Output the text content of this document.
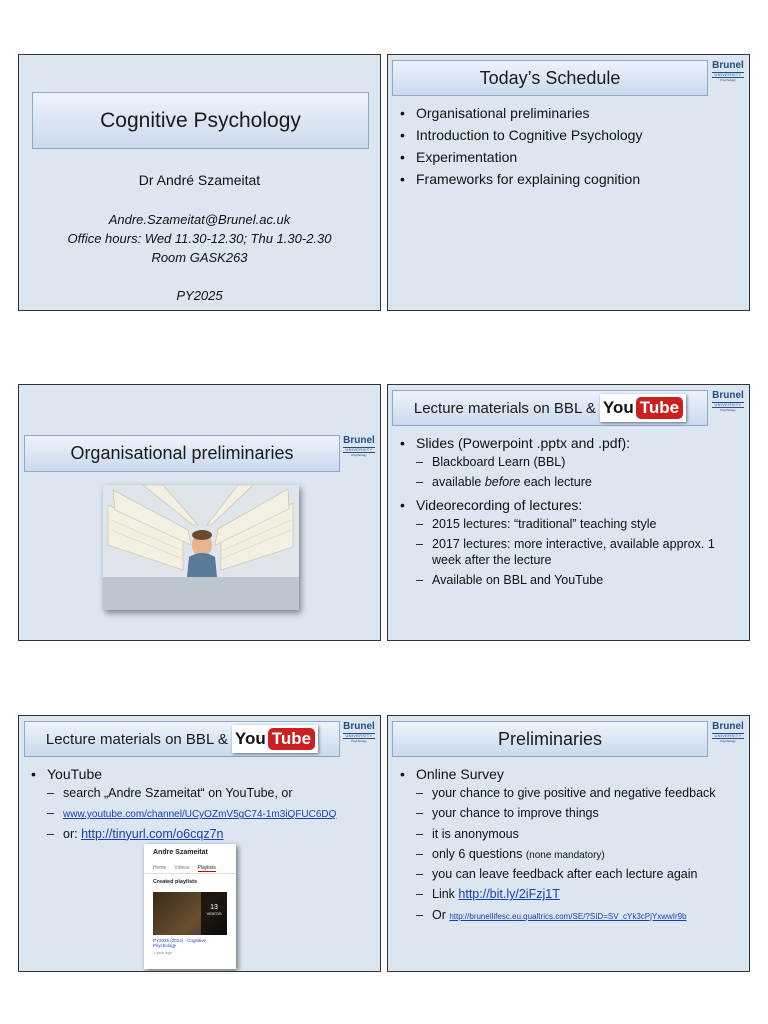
Cognitive Psychology
Dr André Szameitat
Andre.Szameitat@Brunel.ac.uk
Office hours: Wed 11.30-12.30; Thu 1.30-2.30
Room GASK263
PY2025
Today’s Schedule
Brunel
UNIVERSITY
Psychology
• Organisational preliminaries
• Introduction to Cognitive Psychology
• Experimentation
• Frameworks for explaining cognition
Organisational preliminaries
Brunel
UNIVERSITY
Psychology
Lecture materials on BBL & You Tube
Brunel
UNIVERSITY
Psychology
• Slides (Powerpoint .pptx and .pdf):
– Blackboard Learn (BBL)
– available before each lecture
• Videorecording of lectures:
– 2015 lectures: “traditional” teaching style
– 2017 lectures: more interactive, available approx. 1 week after the lecture
– Available on BBL and YouTube
Lecture materials on BBL & You Tube
Brunel
UNIVERSITY
Psychology
• YouTube
– search „Andre Szameitat“ on YouTube, or
– www.youtube.com/channel/UCyOZmV5gC74-1m3iQFUC6DQ
– or: http://tinyurl.com/o6cqz7n
Andre Szameitat
Home Videos Playlists
Created playlists
13
VIDEOS
PY2025 (2014) - Cognitive Psychology
1 year ago
Preliminaries
Brunel
UNIVERSITY
Psychology
• Online Survey
– your chance to give positive and negative feedback
– your chance to improve things
– it is anonymous
– only 6 questions (none mandatory)
– you can leave feedback after each lecture again
– Link http://bit.ly/2iFzj1T
– Or http://brunellifesc.eu.qualtrics.com/SE/?SID=SV_cYk3cPjYxwwIr9b
